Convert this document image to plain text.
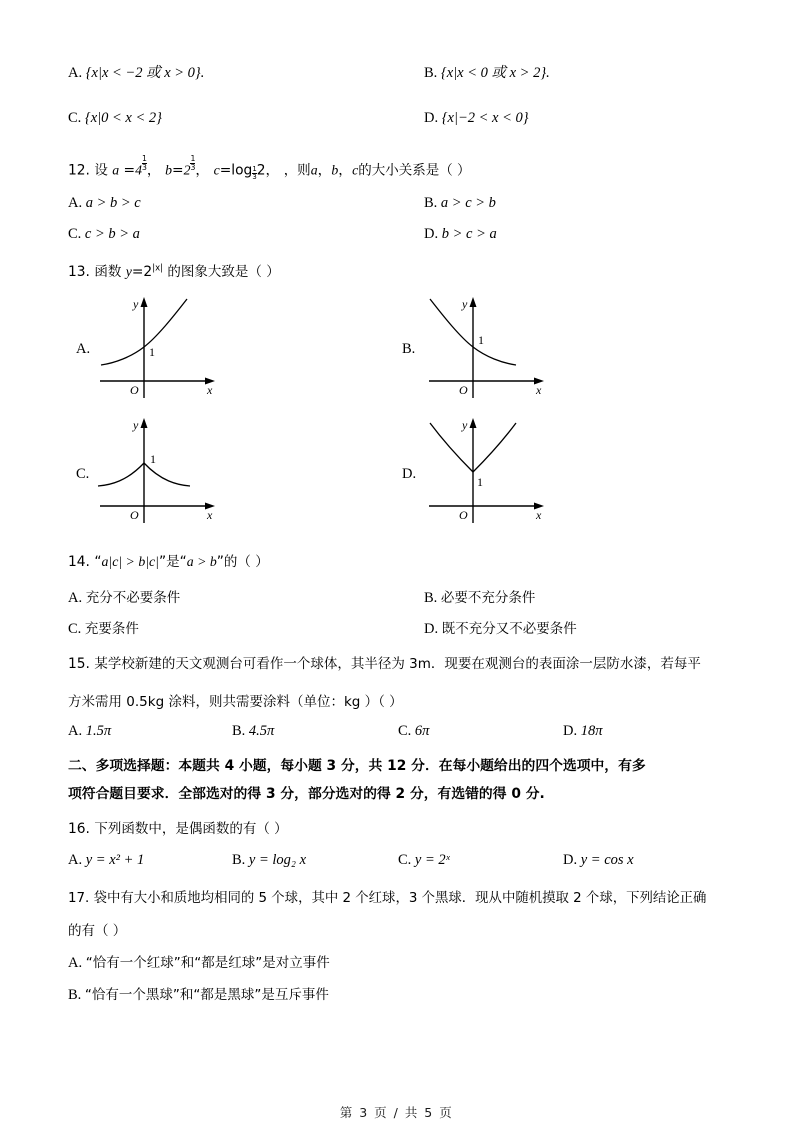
A. {x|x < −2 或 x > 0}.	B. {x|x < 0 或 x > 2}.
C. {x|0 < x < 2}	D. {x|−2 < x < 0}
12. 设 $a =4 \frac{1}{3}$ ， $b=2 \frac{1}{3}$ ， $c=\log \frac{1}{3} 2$， ，则a，b，c的大小关系是（ ）
A. a > b > c	B. a > c > b
C. c > b > a	D. b > c > a
13. 函数 $y=2^{|x|}$ 的图象大致是（ ）
A.
y
x
O
1	B.
y
x
O
1
C.
y
x
O
1
D.
y
x
O
1
14. “a|c| > b|c|”是“a > b”的（ ）
A. 充分不必要条件	B. 必要不充分条件
C. 充要条件	D. 既不充分又不必要条件
15. 某学校新建的天文观测台可看作一个球体，其半径为 3m．现要在观测台的表面涂一层防水漆，若每平
方米需用 0.5kg 涂料，则共需要涂料（单位：kg ）（ ）
A. 1.5π	B. 4.5π	C. 6π	D. 18π
二、多项选择题：本题共 4 小题，每小题 3 分，共 12 分．在每小题给出的四个选项中，有多
项符合题目要求．全部选对的得 3 分，部分选对的得 2 分，有选错的得 0 分.
16. 下列函数中，是偶函数的有（ ）
A. y = x² + 1	B. y = log₂ x	C. y = 2ˣ	D. y = cos x
17. 袋中有大小和质地均相同的 5 个球，其中 2 个红球，3 个黑球．现从中随机摸取 2 个球，下列结论正确
的有（ ）
A. “恰有一个红球”和“都是红球”是对立事件
B. “恰有一个黑球”和“都是黑球”是互斥事件
第 3 页 / 共 5 页
